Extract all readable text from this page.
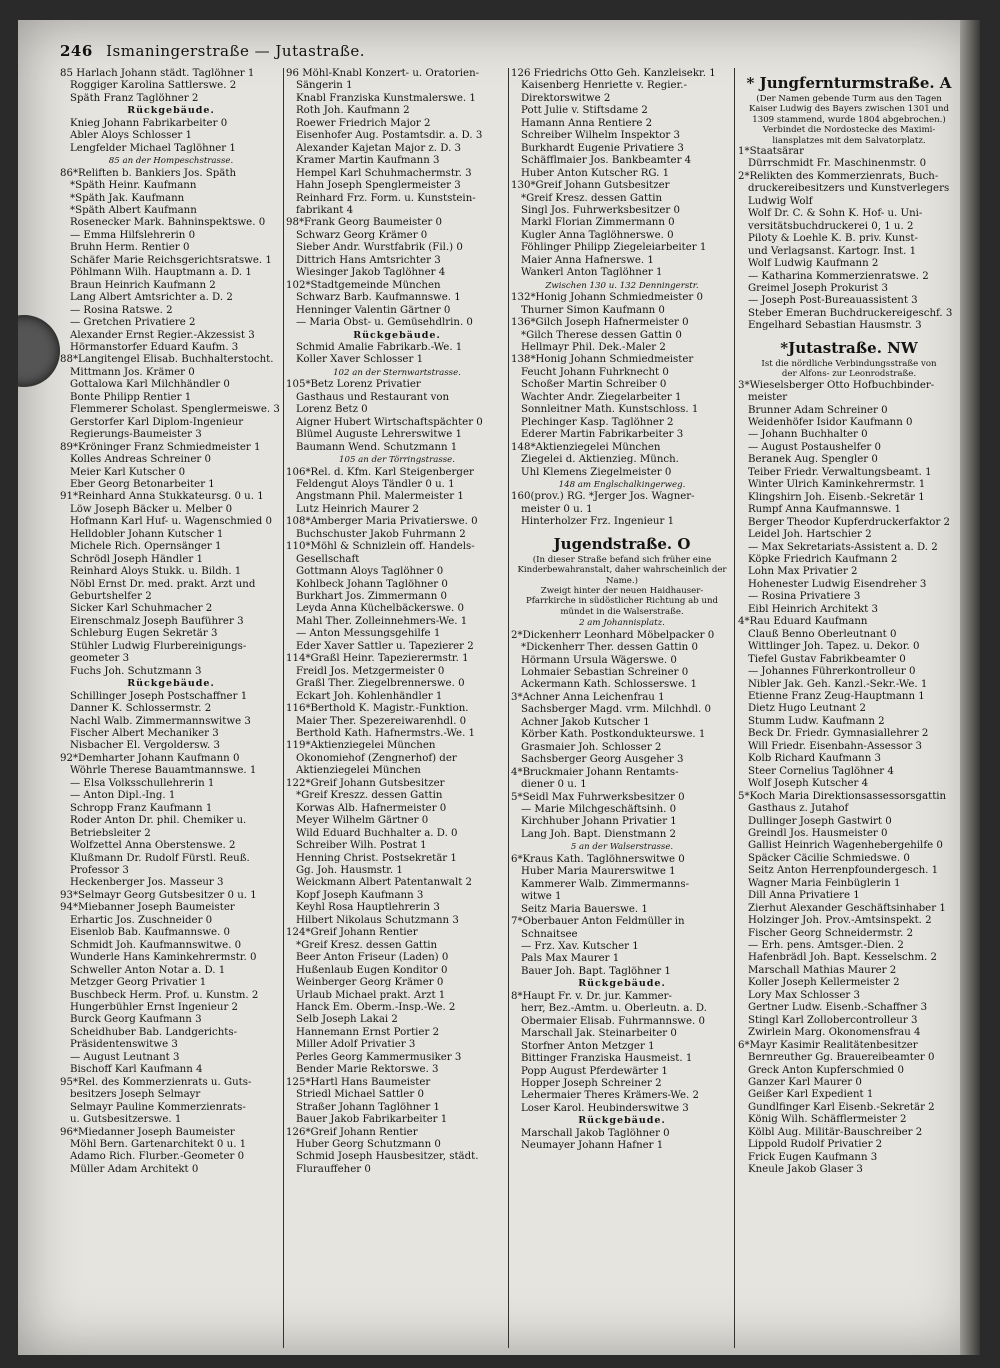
246 Ismaningerstraße — Jutastraße.
85 Harlach Johann städt. Taglöhner 1
Roggiger Karolina Sattlerswe. 2
Späth Franz Taglöhner 2
Rückgebäude.
Knieg Johann Fabrikarbeiter 0
Abler Aloys Schlosser 1
Lengfelder Michael Taglöhner 1
85 an der Hompeschstrasse.
86*Reliften b. Bankiers Jos. Späth
*Späth Heinr. Kaufmann
*Späth Jak. Kaufmann
*Späth Albert Kaufmann
Rosenecker Mark. Bahninspektswe. 0
— Emma Hilfslehrerin 0
Bruhn Herm. Rentier 0
Schäfer Marie Reichsgerichtsratswe. 1
Pöhlmann Wilh. Hauptmann a. D. 1
Braun Heinrich Kaufmann 2
Lang Albert Amtsrichter a. D. 2
— Rosina Ratswe. 2
— Gretchen Privatiere 2
Alexander Ernst Regier.-Akzessist 3
Hörmanstorfer Eduard Kaufm. 3
88*Langitengel Elisab. Buchhalterstocht.
Mittmann Jos. Krämer 0
Gottalowa Karl Milchhändler 0
Bonte Philipp Rentier 1
Flemmerer Scholast. Spenglermeiswe. 3
Gerstorfer Karl Diplom-Ingenieur
Regierungs-Baumeister 3
89*Kröninger Franz Schmiedmeister 1
Kolles Andreas Schreiner 0
Meier Karl Kutscher 0
Eber Georg Betonarbeiter 1
91*Reinhard Anna Stukkateursg. 0 u. 1
Löw Joseph Bäcker u. Melber 0
Hofmann Karl Huf- u. Wagenschmied 0
Helldobler Johann Kutscher 1
Michele Rich. Opernsänger 1
Schrödl Joseph Händler 1
Reinhard Aloys Stukk. u. Bildh. 1
Nöbl Ernst Dr. med. prakt. Arzt und
Geburtshelfer 2
Sicker Karl Schuhmacher 2
Eirenschmalz Joseph Bauführer 3
Schleburg Eugen Sekretär 3
Stühler Ludwig Flurbereinigungs-
geometer 3
Fuchs Joh. Schutzmann 3
Rückgebäude.
Schillinger Joseph Postschaffner 1
Danner K. Schlossermstr. 2
Nachl Walb. Zimmermannswitwe 3
Fischer Albert Mechaniker 3
Nisbacher El. Vergoldersw. 3
92*Demharter Johann Kaufmann 0
Wöhrle Therese Bauamtmannswe. 1
— Elsa Volksschullehrerin 1
— Anton Dipl.-Ing. 1
Schropp Franz Kaufmann 1
Roder Anton Dr. phil. Chemiker u.
Betriebsleiter 2
Wolfzettel Anna Oberstenswe. 2
Klußmann Dr. Rudolf Fürstl. Reuß.
Professor 3
Heckenberger Jos. Masseur 3
93*Selmayr Georg Gutsbesitzer 0 u. 1
94*Miebanner Joseph Baumeister
Erhartic Jos. Zuschneider 0
Eisenlob Bab. Kaufmannswe. 0
Schmidt Joh. Kaufmannswitwe. 0
Wunderle Hans Kaminkehrermstr. 0
Schweller Anton Notar a. D. 1
Metzger Georg Privatier 1
Buschbeck Herm. Prof. u. Kunstm. 2
Hungerbühler Ernst Ingenieur 2
Burck Georg Kaufmann 3
Scheidhuber Bab. Landgerichts-
Präsidentenswitwe 3
— August Leutnant 3
Bischoff Karl Kaufmann 4
95*Rel. des Kommerzienrats u. Guts-
besitzers Joseph Selmayr
Selmayr Pauline Kommerzienrats-
u. Gutsbesitzerswe. 1
96*Miedanner Joseph Baumeister
Möhl Bern. Gartenarchitekt 0 u. 1
Adamo Rich. Flurber.-Geometer 0
Müller Adam Architekt 0
96 Möhl-Knabl Konzert- u. Oratorien-
Sängerin 1
Knabl Franziska Kunstmalerswe. 1
Roth Joh. Kaufmann 2
Roewer Friedrich Major 2
Eisenhofer Aug. Postamtsdir. a. D. 3
Alexander Kajetan Major z. D. 3
Kramer Martin Kaufmann 3
Hempel Karl Schuhmachermstr. 3
Hahn Joseph Spenglermeister 3
Reinhard Frz. Form. u. Kunststein-
fabrikant 4
98*Frank Georg Baumeister 0
Schwarz Georg Krämer 0
Sieber Andr. Wurstfabrik (Fil.) 0
Dittrich Hans Amtsrichter 3
Wiesinger Jakob Taglöhner 4
102*Stadtgemeinde München
Schwarz Barb. Kaufmannswe. 1
Henninger Valentin Gärtner 0
— Maria Obst- u. Gemüsehdlrin. 0
Rückgebäude.
Schmid Amalie Fabrikarb.-We. 1
Koller Xaver Schlosser 1
102 an der Sternwartstrasse.
105*Betz Lorenz Privatier
Gasthaus und Restaurant von
Lorenz Betz 0
Aigner Hubert Wirtschaftspächter 0
Blümel Auguste Lehrerswitwe 1
Baumann Wend. Schutzmann 1
105 an der Törringstrasse.
106*Rel. d. Kfm. Karl Steigenberger
Feldengut Aloys Tändler 0 u. 1
Angstmann Phil. Malermeister 1
Lutz Heinrich Maurer 2
108*Amberger Maria Privatierswe. 0
Buchschuster Jakob Fuhrmann 2
110*Möhl & Schnizlein off. Handels-
Gesellschaft
Gottmann Aloys Taglöhner 0
Kohlbeck Johann Taglöhner 0
Burkhart Jos. Zimmermann 0
Leyda Anna Küchelbäckerswe. 0
Mahl Ther. Zolleinnehmers-We. 1
— Anton Messungsgehilfe 1
Eder Xaver Sattler u. Tapezierer 2
114*Graßl Heinr. Tapezierermstr. 1
Freidl Jos. Metzgermeister 0
Graßl Ther. Ziegelbrennerswe. 0
Eckart Joh. Kohlenhändler 1
116*Berthold K. Magistr.-Funktion.
Maier Ther. Spezereiwarenhdl. 0
Berthold Kath. Hafnermstrs.-We. 1
119*Aktienziegelei München
Ökonomiehof (Zengnerhof) der
Aktienziegelei München
122*Greif Johann Gutsbesitzer
*Greif Kreszz. dessen Gattin
Korwas Alb. Hafnermeister 0
Meyer Wilhelm Gärtner 0
Wild Eduard Buchhalter a. D. 0
Schreiber Wilh. Postrat 1
Henning Christ. Postsekretär 1
Gg. Joh. Hausmstr. 1
Weickmann Albert Patentanwalt 2
Kopf Joseph Kaufmann 3
Keyhl Rosa Hauptlehrerin 3
Hilbert Nikolaus Schutzmann 3
124*Greif Johann Rentier
*Greif Kresz. dessen Gattin
Beer Anton Friseur (Laden) 0
Hußenlaub Eugen Konditor 0
Weinberger Georg Krämer 0
Urlaub Michael prakt. Arzt 1
Hanck Em. Oberm.-Insp.-We. 2
Selb Joseph Lakai 2
Hannemann Ernst Portier 2
Miller Adolf Privatier 3
Perles Georg Kammermusiker 3
Bender Marie Rektorswe. 3
125*Hartl Hans Baumeister
Striedl Michael Sattler 0
Straßer Johann Taglöhner 1
Bauer Jakob Fabrikarbeiter 1
126*Greif Johann Rentier
Huber Georg Schutzmann 0
Schmid Joseph Hausbesitzer, städt.
Flurauffeher 0
126 Friedrichs Otto Geh. Kanzleisekr. 1
Kaisenberg Henriette v. Regier.-
Direktorswitwe 2
Pott Julie v. Stiftsdame 2
Hamann Anna Rentiere 2
Schreiber Wilhelm Inspektor 3
Burkhardt Eugenie Privatiere 3
Schäfflmaier Jos. Bankbeamter 4
Huber Anton Kutscher RG. 1
130*Greif Johann Gutsbesitzer
*Greif Kresz. dessen Gattin
Singl Jos. Fuhrwerksbesitzer 0
Markl Florian Zimmermann 0
Kugler Anna Taglöhnerswe. 0
Föhlinger Philipp Ziegeleiarbeiter 1
Maier Anna Hafnerswe. 1
Wankerl Anton Taglöhner 1
Zwischen 130 u. 132 Denningerstr.
132*Honig Johann Schmiedmeister 0
Thurner Simon Kaufmann 0
136*Gilch Joseph Hafnermeister 0
*Gilch Therese dessen Gattin 0
Hellmayr Phil. Dek.-Maler 2
138*Honig Johann Schmiedmeister
Feucht Johann Fuhrknecht 0
Schoßer Martin Schreiber 0
Wachter Andr. Ziegelarbeiter 1
Sonnleitner Math. Kunstschloss. 1
Plechinger Kasp. Taglöhner 2
Ederer Martin Fabrikarbeiter 3
148*Aktienziegelei München
Ziegelei d. Aktienzieg. Münch.
Uhl Klemens Ziegelmeister 0
148 am Englschalkingerweg.
160(prov.) RG. *Jerger Jos. Wagner-
meister 0 u. 1
Hinterholzer Frz. Ingenieur 1
Jugendstraße. O
(In dieser Straße befand sich früher eine
Kinderbewahranstalt, daher wahrscheinlich der
Name.)
Zweigt hinter der neuen Haidhauser-
Pfarrkirche in südöstlicher Richtung ab und
mündet in die Walserstraße.
2 am Johannisplatz.
2*Dickenherr Leonhard Möbelpacker 0
*Dickenherr Ther. dessen Gattin 0
Hörmann Ursula Wägerswe. 0
Lohmaier Sebastian Schreiner 0
Ackermann Kath. Schlosserswe. 1
3*Achner Anna Leichenfrau 1
Sachsberger Magd. vrm. Milchhdl. 0
Achner Jakob Kutscher 1
Körber Kath. Postkondukteurswe. 1
Grasmaier Joh. Schlosser 2
Sachsberger Georg Ausgeher 3
4*Bruckmaier Johann Rentamts-
diener 0 u. 1
5*Seidl Max Fuhrwerksbesitzer 0
— Marie Milchgeschäftsinh. 0
Kirchhuber Johann Privatier 1
Lang Joh. Bapt. Dienstmann 2
5 an der Walserstrasse.
6*Kraus Kath. Taglöhnerswitwe 0
Huber Maria Maurerswitwe 1
Kammerer Walb. Zimmermanns-
witwe 1
Seitz Maria Bauerswe. 1
7*Oberbauer Anton Feldmüller in
Schnaitsee
— Frz. Xav. Kutscher 1
Pals Max Maurer 1
Bauer Joh. Bapt. Taglöhner 1
Rückgebäude.
8*Haupt Fr. v. Dr. jur. Kammer-
herr, Bez.-Amtm. u. Oberleutn. a. D.
Obermaier Elisab. Fuhrmannswe. 0
Marschall Jak. Steinarbeiter 0
Storfner Anton Metzger 1
Bittinger Franziska Hausmeist. 1
Popp August Pferdewärter 1
Hopper Joseph Schreiner 2
Lehermaier Theres Krämers-We. 2
Loser Karol. Heubinderswitwe 3
Rückgebäude.
Marschall Jakob Taglöhner 0
Neumayer Johann Hafner 1
* Jungfernturmstraße. A
(Der Namen gebende Turm aus den Tagen
Kaiser Ludwig des Bayers zwischen 1301 und
1309 stammend, wurde 1804 abgebrochen.)
Verbindet die Nordostecke des Maximi-
liansplatzes mit dem Salvatorplatz.
1*Staatsärar
Dürrschmidt Fr. Maschinenmstr. 0
2*Relikten des Kommerzienrats, Buch-
druckereibesitzers und Kunstverlegers
Ludwig Wolf
Wolf Dr. C. & Sohn K. Hof- u. Uni-
versitätsbuchdruckerei 0, 1 u. 2
Piloty & Loehle K. B. priv. Kunst-
und Verlagsanst. Kartogr. Inst. 1
Wolf Ludwig Kaufmann 2
— Katharina Kommerzienratswe. 2
Greimel Joseph Prokurist 3
— Joseph Post-Bureauassistent 3
Steber Emeran Buchdruckereigeschf. 3
Engelhard Sebastian Hausmstr. 3
*Jutastraße. NW
Ist die nördliche Verbindungsstraße von
der Alfons- zur Leonrodstraße.
3*Wieselsberger Otto Hofbuchbinder-
meister
Brunner Adam Schreiner 0
Weidenhöfer Isidor Kaufmann 0
— Johann Buchhalter 0
— August Postaushelfer 0
Beranek Aug. Spengler 0
Teiber Friedr. Verwaltungsbeamt. 1
Winter Ulrich Kaminkehrermstr. 1
Klingshirn Joh. Eisenb.-Sekretär 1
Rumpf Anna Kaufmannswe. 1
Berger Theodor Kupferdruckerfaktor 2
Leidel Joh. Hartschier 2
— Max Sekretariats-Assistent a. D. 2
Köpke Friedrich Kaufmann 2
Lohn Max Privatier 2
Hohenester Ludwig Eisendreher 3
— Rosina Privatiere 3
Eibl Heinrich Architekt 3
4*Rau Eduard Kaufmann
Clauß Benno Oberleutnant 0
Wittlinger Joh. Tapez. u. Dekor. 0
Tiefel Gustav Fabrikbeamter 0
— Johannes Führerkontrolleur 0
Nibler Jak. Geh. Kanzl.-Sekr.-We. 1
Etienne Franz Zeug-Hauptmann 1
Dietz Hugo Leutnant 2
Stumm Ludw. Kaufmann 2
Beck Dr. Friedr. Gymnasiallehrer 2
Will Friedr. Eisenbahn-Assessor 3
Kolb Richard Kaufmann 3
Steer Cornelius Taglöhner 4
Wolf Joseph Kutscher 4
5*Koch Maria Direktionsassessorsgattin
Gasthaus z. Jutahof
Dullinger Joseph Gastwirt 0
Greindl Jos. Hausmeister 0
Gallist Heinrich Wagenhebergehilfe 0
Späcker Cäcilie Schmiedswe. 0
Seitz Anton Herrenpfoundergesch. 1
Wagner Maria Feinbüglerin 1
Dill Anna Privatiere 1
Zierhut Alexander Geschäftsinhaber 1
Holzinger Joh. Prov.-Amtsinspekt. 2
Fischer Georg Schneidermstr. 2
— Erh. pens. Amtsger.-Dien. 2
Hafenbrädl Joh. Bapt. Kesselschm. 2
Marschall Mathias Maurer 2
Koller Joseph Kellermeister 2
Lory Max Schlosser 3
Gertner Ludw. Eisenb.-Schaffner 3
Stingl Karl Zollobercontrolleur 3
Zwirlein Marg. Ökonomensfrau 4
6*Mayr Kasimir Realitätenbesitzer
Bernreuther Gg. Brauereibeamter 0
Greck Anton Kupferschmied 0
Ganzer Karl Maurer 0
Geißer Karl Expedient 1
Gundlfinger Karl Eisenb.-Sekretär 2
König Wilh. Schäfflermeister 2
Kölbl Aug. Militär-Bauschreiber 2
Lippold Rudolf Privatier 2
Frick Eugen Kaufmann 3
Kneule Jakob Glaser 3
